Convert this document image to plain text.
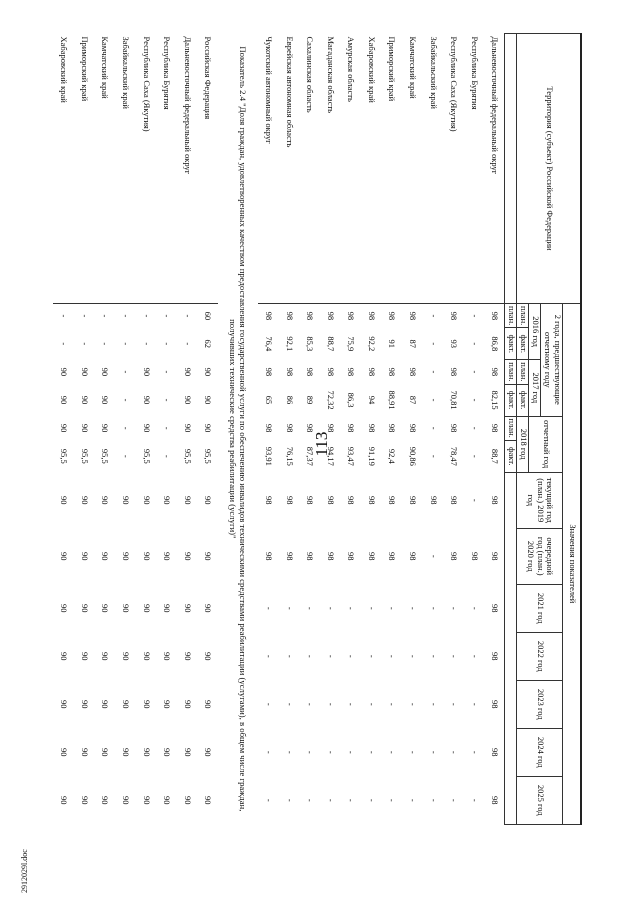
113
Территория (субъект) Российской Федерации	Значения показателей												
	2 года, предшествующие отчетному году				отчетный год		текущий год (план.) 2019 год	очередной год (план.) 2020 год	2021 год	2022 год	2023 год	2024 год	2025 год
	2016 год		2017 год										
	план.	факт.	план.	факт.	2018 год								
	план.	факт.	план.	факт.	план.	факт.							
Дальневосточный федеральный округ	98	86,8	98	82,15	98	88,7	98	98	98	98	98	98	98
Республика Бурятия	-	-	-	-	-	-	-	98	-	-	-	-	-
Республика Саха (Якутия)	98	93	98	70,81	98	78,47	98	98	-	-	-	-	-
Забайкальский край	-	-	-	-	-	-	98	-	-	-	-	-	-
Камчатский край	98	87	98	87	98	90,86	98	98	-	-	-	-	-
Приморский край	98	91	98	88,91	98	92,4	98	98	-	-	-	-	-
Хабаровский край	98	92,2	98	94	98	91,19	98	98	-	-	-	-	-
Амурская область	98	75,9	98	86,3	98	93,47	98	98	-	-	-	-	-
Магаданская область	98	88,7	98	72,32	98	94,17	98	98	-	-	-	-	-
Сахалинская область	98	85,3	98	89	98	87,37	98	98	-	-	-	-	-
Еврейская автономная область	98	92,1	98	86	98	76,15	98	98	-	-	-	-	-
Чукотский автономный округ	98	76,4	98	65	98	93,91	98	98	-	-	-	-	-
Показатель 2.4 "Доля граждан, удовлетворенных качеством предоставления государственной услуги по обеспечению инвалидов техническими средствами реабилитации (услугами), в общем числе граждан, получивших технические средства реабилитации (услуги)"													
Российская Федерация	60	62	90	90	90	95,5	90	90	90	90	90	90	90
Дальневосточный федеральный округ	-	-	90	90	90	95,5	90	90	90	90	90	90	90
Республика Бурятия	-	-	-	-	-	-	90	90	90	90	90	90	90
Республика Саха (Якутия)	-	-	90	90	90	95,5	90	90	90	90	90	90	90
Забайкальский край	-	-	-	-	-	-	90	90	90	90	90	90	90
Камчатский край	-	-	90	90	90	95,5	90	90	90	90	90	90	90
Приморский край	-	-	90	90	90	95,5	90	90	90	90	90	90	90
Хабаровский край	-	-	90	90	90	95,5	90	90	90	90	90	90	90
2912029l.doc
